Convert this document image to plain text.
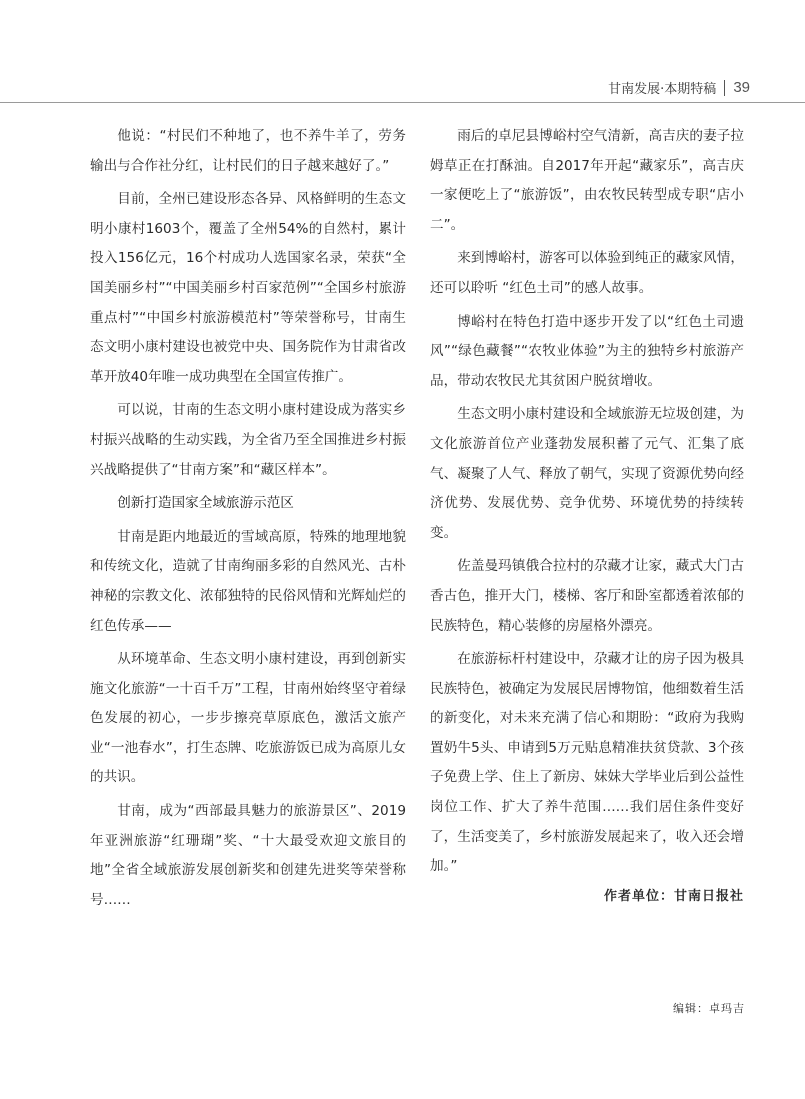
甘南发展·本期特稿 39

他说：“村民们不种地了，也不养牛羊了，劳务输出与合作社分红，让村民们的日子越来越好了。”

目前，全州已建设形态各异、风格鲜明的生态文明小康村1603个，覆盖了全州54%的自然村，累计投入156亿元，16个村成功人选国家名录，荣获“全国美丽乡村”“中国美丽乡村百家范例”“全国乡村旅游重点村”“中国乡村旅游模范村”等荣誉称号，甘南生态文明小康村建设也被党中央、国务院作为甘肃省改革开放40年唯一成功典型在全国宣传推广。

可以说，甘南的生态文明小康村建设成为落实乡村振兴战略的生动实践，为全省乃至全国推进乡村振兴战略提供了“甘南方案”和“藏区样本”。

创新打造国家全域旅游示范区

甘南是距内地最近的雪域高原，特殊的地理地貌和传统文化，造就了甘南绚丽多彩的自然风光、古朴神秘的宗教文化、浓郁独特的民俗风情和光辉灿烂的红色传承——

从环境革命、生态文明小康村建设，再到创新实施文化旅游“一十百千万”工程，甘南州始终坚守着绿色发展的初心，一步步擦亮草原底色，激活文旅产业“一池春水”，打生态牌、吃旅游饭已成为高原儿女的共识。

甘南，成为“西部最具魅力的旅游景区”、2019年亚洲旅游“红珊瑚”奖、“十大最受欢迎文旅目的地”全省全域旅游发展创新奖和创建先进奖等荣誉称号……

雨后的卓尼县博峪村空气清新，高吉庆的妻子拉姆草正在打酥油。自2017年开起“藏家乐”，高吉庆一家便吃上了“旅游饭”，由农牧民转型成专职“店小二”。

来到博峪村，游客可以体验到纯正的藏家风情，还可以聆听 “红色土司”的感人故事。

博峪村在特色打造中逐步开发了以“红色土司遗风”“绿色藏餐”“农牧业体验”为主的独特乡村旅游产品，带动农牧民尤其贫困户脱贫增收。

生态文明小康村建设和全域旅游无垃圾创建，为文化旅游首位产业蓬勃发展积蓄了元气、汇集了底气、凝聚了人气、释放了朝气，实现了资源优势向经济优势、发展优势、竞争优势、环境优势的持续转变。

佐盖曼玛镇俄合拉村的尕藏才让家，藏式大门古香古色，推开大门，楼梯、客厅和卧室都透着浓郁的民族特色，精心装修的房屋格外漂亮。

在旅游标杆村建设中，尕藏才让的房子因为极具民族特色，被确定为发展民居博物馆，他细数着生活的新变化，对未来充满了信心和期盼：“政府为我购置奶牛5头、申请到5万元贴息精准扶贫贷款、3个孩子免费上学、住上了新房、妹妹大学毕业后到公益性岗位工作、扩大了养牛范围……我们居住条件变好了，生活变美了，乡村旅游发展起来了，收入还会增加。”

作者单位：甘南日报社
编辑：卓玛吉
